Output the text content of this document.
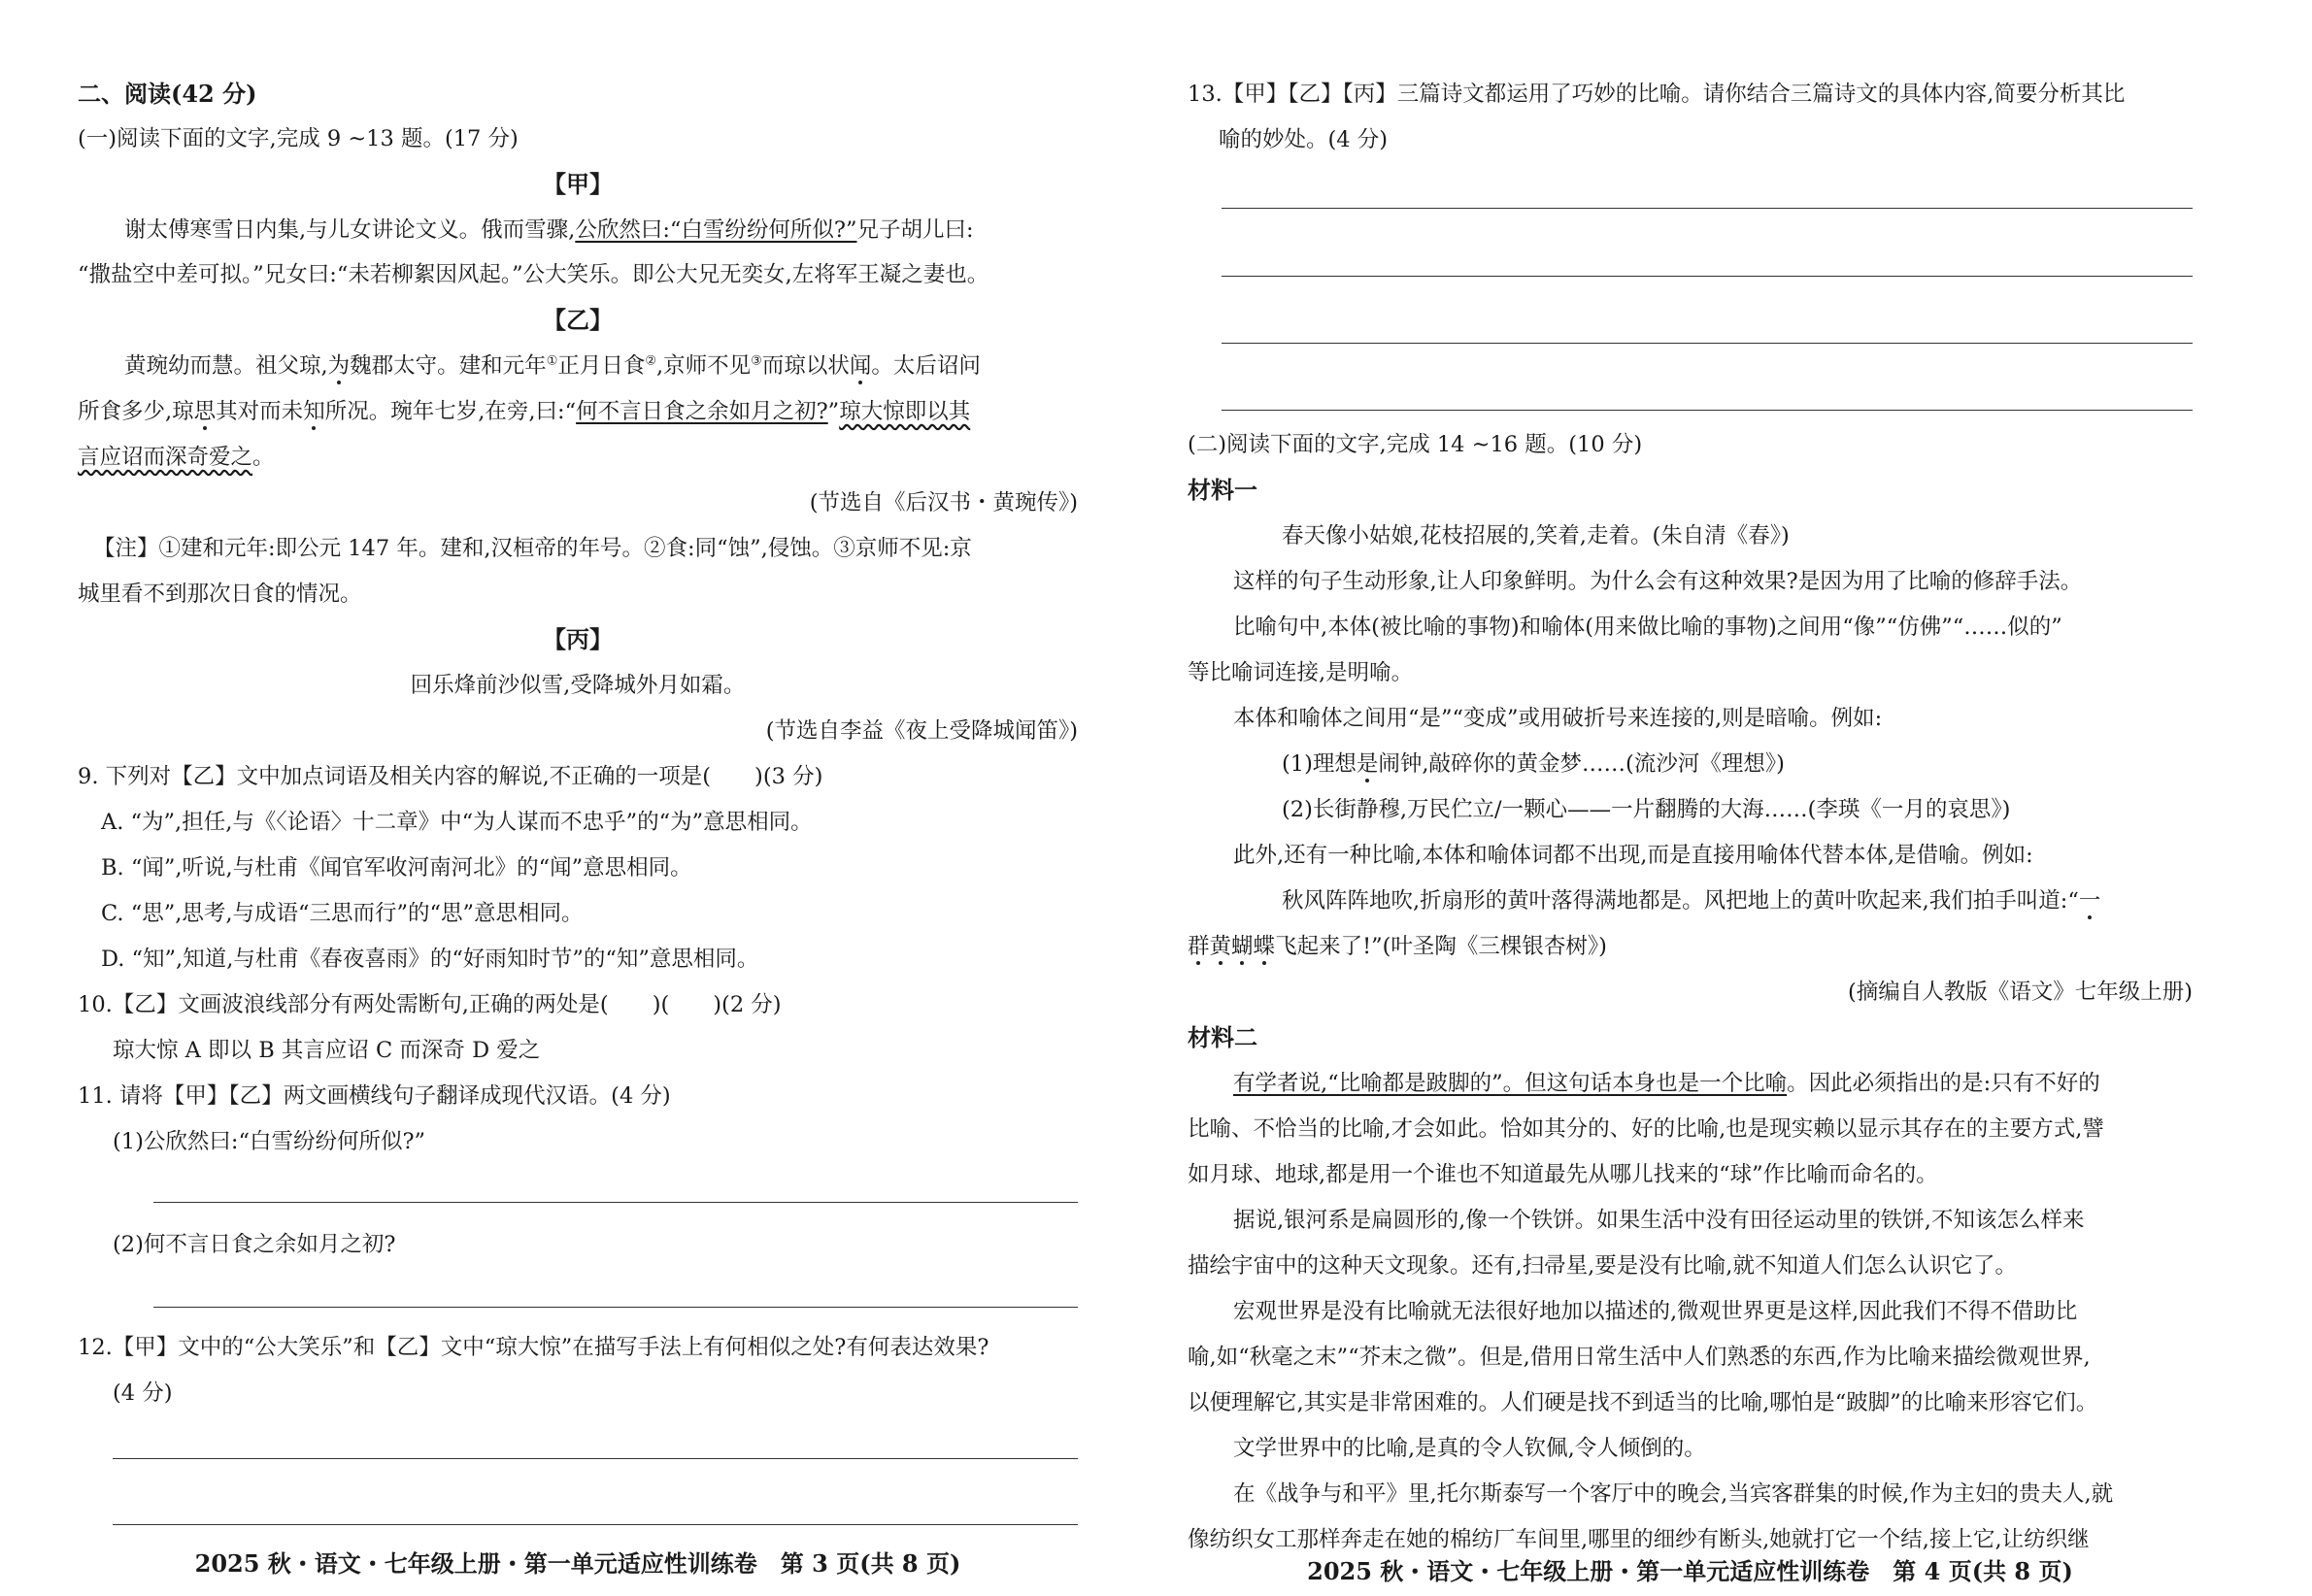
二、阅读(42 分)
(一)阅读下面的文字,完成 9 ~13 题。(17 分)
【甲】
谢太傅寒雪日内集,与儿女讲论文义。俄而雪骤,公欣然曰:“白雪纷纷何所似?”兄子胡儿曰:
“撒盐空中差可拟。”兄女曰:“未若柳絮因风起。”公大笑乐。即公大兄无奕女,左将军王凝之妻也。
【乙】
黄琬幼而慧。祖父琼,为魏郡太守。建和元年①正月日食②,京师不见③而琼以状闻。太后诏问
所食多少,琼思其对而未知所况。琬年七岁,在旁,曰:“何不言日食之余如月之初?”琼大惊即以其
言应诏而深奇爱之。
(节选自《后汉书・黄琬传》)
【注】①建和元年:即公元 147 年。建和,汉桓帝的年号。②食:同“蚀”,侵蚀。③京师不见:京
城里看不到那次日食的情况。
【丙】
回乐烽前沙似雪,受降城外月如霜。
(节选自李益《夜上受降城闻笛》)
9. 下列对【乙】文中加点词语及相关内容的解说,不正确的一项是(　　)(3 分)
A. “为”,担任,与《〈论语〉十二章》中“为人谋而不忠乎”的“为”意思相同。
B. “闻”,听说,与杜甫《闻官军收河南河北》的“闻”意思相同。
C. “思”,思考,与成语“三思而行”的“思”意思相同。
D. “知”,知道,与杜甫《春夜喜雨》的“好雨知时节”的“知”意思相同。
10.【乙】文画波浪线部分有两处需断句,正确的两处是(　　)(　　)(2 分)
琼大惊 A 即以 B 其言应诏 C 而深奇 D 爱之
11. 请将【甲】【乙】两文画横线句子翻译成现代汉语。(4 分)
(1)公欣然曰:“白雪纷纷何所似?”
(2)何不言日食之余如月之初?
12.【甲】文中的“公大笑乐”和【乙】文中“琼大惊”在描写手法上有何相似之处?有何表达效果?
(4 分)
2025 秋・语文・七年级上册・第一单元适应性训练卷　第 3 页(共 8 页)
13.【甲】【乙】【丙】三篇诗文都运用了巧妙的比喻。请你结合三篇诗文的具体内容,简要分析其比
喻的妙处。(4 分)
(二)阅读下面的文字,完成 14 ~16 题。(10 分)
材料一
春天像小姑娘,花枝招展的,笑着,走着。(朱自清《春》)
这样的句子生动形象,让人印象鲜明。为什么会有这种效果?是因为用了比喻的修辞手法。
比喻句中,本体(被比喻的事物)和喻体(用来做比喻的事物)之间用“像”“仿佛”“……似的”
等比喻词连接,是明喻。
本体和喻体之间用“是”“变成”或用破折号来连接的,则是暗喻。例如:
(1)理想是闹钟,敲碎你的黄金梦……(流沙河《理想》)
(2)长街静穆,万民伫立/一颗心——一片翻腾的大海……(李瑛《一月的哀思》)
此外,还有一种比喻,本体和喻体词都不出现,而是直接用喻体代替本体,是借喻。例如:
秋风阵阵地吹,折扇形的黄叶落得满地都是。风把地上的黄叶吹起来,我们拍手叫道:“一
群黄蝴蝶飞起来了!”(叶圣陶《三棵银杏树》)
(摘编自人教版《语文》七年级上册)
材料二
有学者说,“比喻都是跛脚的”。但这句话本身也是一个比喻。因此必须指出的是:只有不好的
比喻、不恰当的比喻,才会如此。恰如其分的、好的比喻,也是现实赖以显示其存在的主要方式,譬
如月球、地球,都是用一个谁也不知道最先从哪儿找来的“球”作比喻而命名的。
据说,银河系是扁圆形的,像一个铁饼。如果生活中没有田径运动里的铁饼,不知该怎么样来
描绘宇宙中的这种天文现象。还有,扫帚星,要是没有比喻,就不知道人们怎么认识它了。
宏观世界是没有比喻就无法很好地加以描述的,微观世界更是这样,因此我们不得不借助比
喻,如“秋毫之末”“芥末之微”。但是,借用日常生活中人们熟悉的东西,作为比喻来描绘微观世界,
以便理解它,其实是非常困难的。人们硬是找不到适当的比喻,哪怕是“跛脚”的比喻来形容它们。
文学世界中的比喻,是真的令人钦佩,令人倾倒的。
在《战争与和平》里,托尔斯泰写一个客厅中的晚会,当宾客群集的时候,作为主妇的贵夫人,就
像纺织女工那样奔走在她的棉纺厂车间里,哪里的细纱有断头,她就打它一个结,接上它,让纺织继
2025 秋・语文・七年级上册・第一单元适应性训练卷　第 4 页(共 8 页)
